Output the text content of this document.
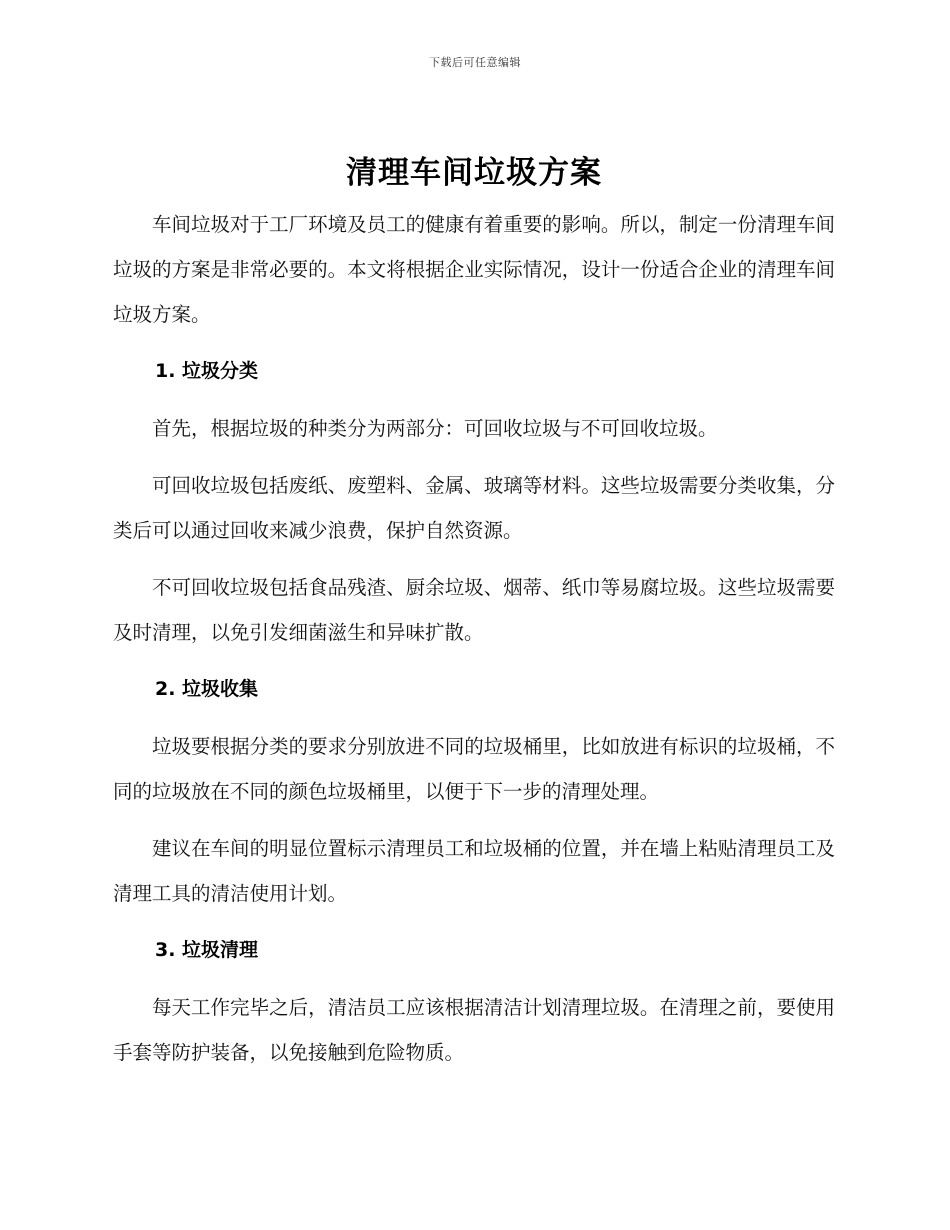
下载后可任意编辑
清理车间垃圾方案

车间垃圾对于工厂环境及员工的健康有着重要的影响。所以，制定一份清理车间垃圾的方案是非常必要的。本文将根据企业实际情况，设计一份适合企业的清理车间垃圾方案。

1. 垃圾分类

首先，根据垃圾的种类分为两部分：可回收垃圾与不可回收垃圾。

可回收垃圾包括废纸、废塑料、金属、玻璃等材料。这些垃圾需要分类收集，分类后可以通过回收来减少浪费，保护自然资源。

不可回收垃圾包括食品残渣、厨余垃圾、烟蒂、纸巾等易腐垃圾。这些垃圾需要及时清理，以免引发细菌滋生和异味扩散。

2. 垃圾收集

垃圾要根据分类的要求分别放进不同的垃圾桶里，比如放进有标识的垃圾桶，不同的垃圾放在不同的颜色垃圾桶里，以便于下一步的清理处理。

建议在车间的明显位置标示清理员工和垃圾桶的位置，并在墙上粘贴清理员工及清理工具的清洁使用计划。

3. 垃圾清理

每天工作完毕之后，清洁员工应该根据清洁计划清理垃圾。在清理之前，要使用手套等防护装备，以免接触到危险物质。
